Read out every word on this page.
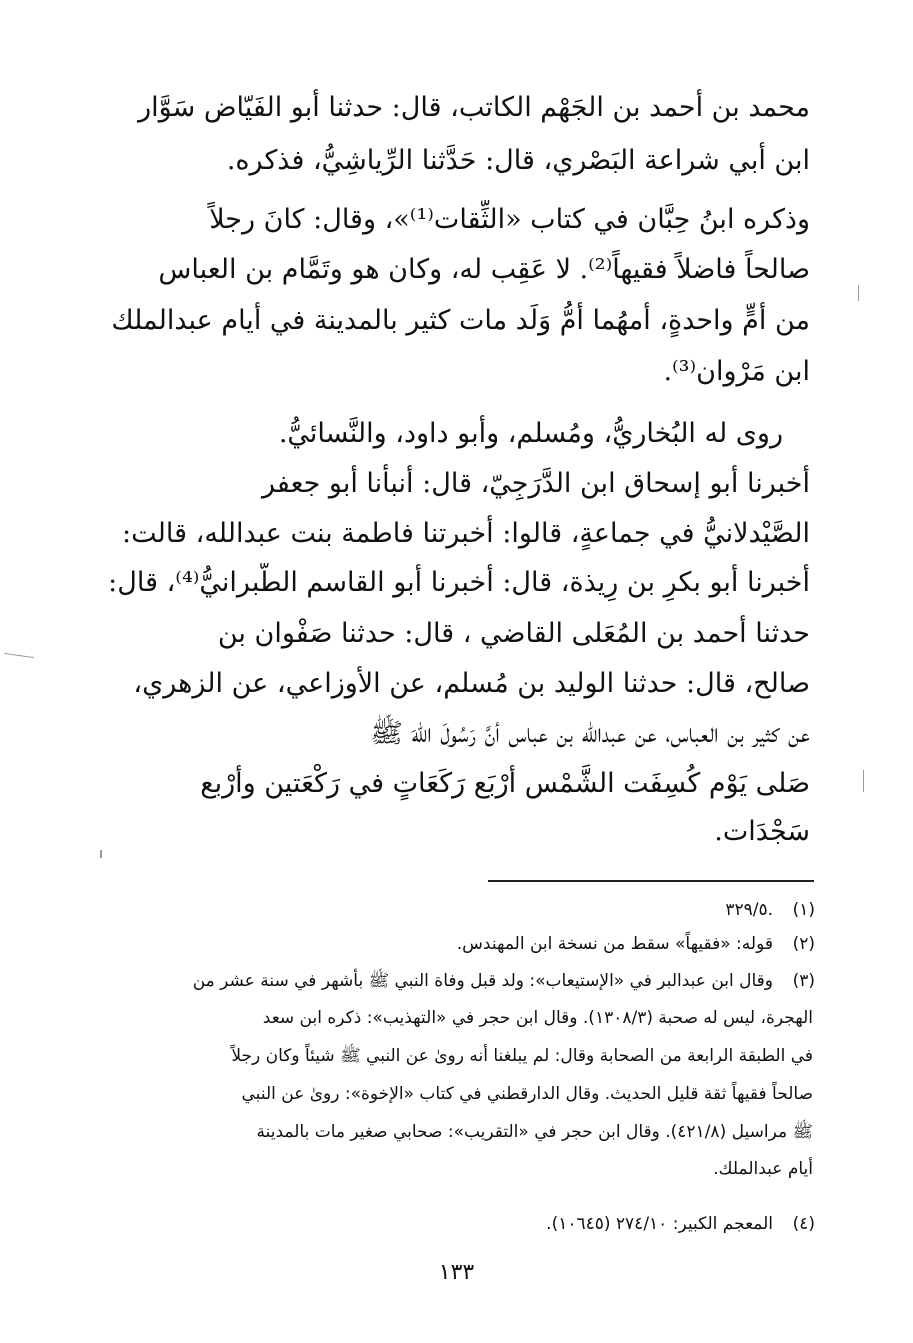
محمد بن أحمد بن الجَهْم الكاتب، قال: حدثنا أبو الفَيّاض سَوَّار
ابن أبي شراعة البَصْري، قال: حَدَّثنا الرِّياشِيُّ، فذكره.
وذكره ابنُ حِبَّان في كتاب «الثِّقات⁽¹⁾»، وقال: كانَ رجلاً
صالحاً فاضلاً فقيهاً⁽²⁾. لا عَقِب له، وكان هو وتَمَّام بن العباس
من أُمٍّ واحدةٍ، أمهُما أمُّ وَلَد مات كثير بالمدينة في أيام عبدالملك
ابن مَرْوان⁽³⁾.
روى له البُخاريُّ، ومُسلم، وأبو داود، والنَّسائيُّ.
أخبرنا أبو إسحاق ابن الدَّرَجِيّ، قال: أنبأنا أبو جعفر
الصَّيْدلانيُّ في جماعةٍ، قالوا: أخبرتنا فاطمة بنت عبدالله، قالت:
أخبرنا أبو بكرِ بن رِيذة، قال: أخبرنا أبو القاسم الطَّبرانيُّ⁽⁴⁾، قال:
حدثنا أحمد بن المُعَلى القاضي ، قال: حدثنا صَفْوان بن
صالح، قال: حدثنا الوليد بن مُسلم، عن الأوزاعي، عن الزهري،
عن كثير بن العباس، عن عبدالله بن عباس أنَّ رَسُولَ اللهَ ﷺ
صَلى يَوْم كُسِفَت الشَّمْس أرْبَع رَكَعَاتٍ في رَكْعَتين وأرْبع
سَجْدَات.
(١)
.٣٢٩/٥
(٢)
قوله: «فقيهاً» سقط من نسخة ابن المهندس.
(٣)
وقال ابن عبدالبر في «الإستيعاب»: ولد قبل وفاة النبي ﷺ بأشهر في سنة عشر من
الهجرة، ليس له صحبة (١٣٠٨/٣). وقال ابن حجر في «التهذيب»: ذكره ابن سعد
في الطبقة الرابعة من الصحابة وقال: لم يبلغنا أنه روىٰ عن النبي ﷺ شيئاً وكان رجلاً
صالحاً فقيهاً ثقة قليل الحديث. وقال الدارقطني في كتاب «الإخوة»: روىٰ عن النبي
ﷺ مراسيل (٤٢١/٨). وقال ابن حجر في «التقريب»: صحابي صغير مات بالمدينة
أيام عبدالملك.
(٤)
المعجم الكبير: ٢٧٤/١٠ (١٠٦٤٥).
١٣٣
